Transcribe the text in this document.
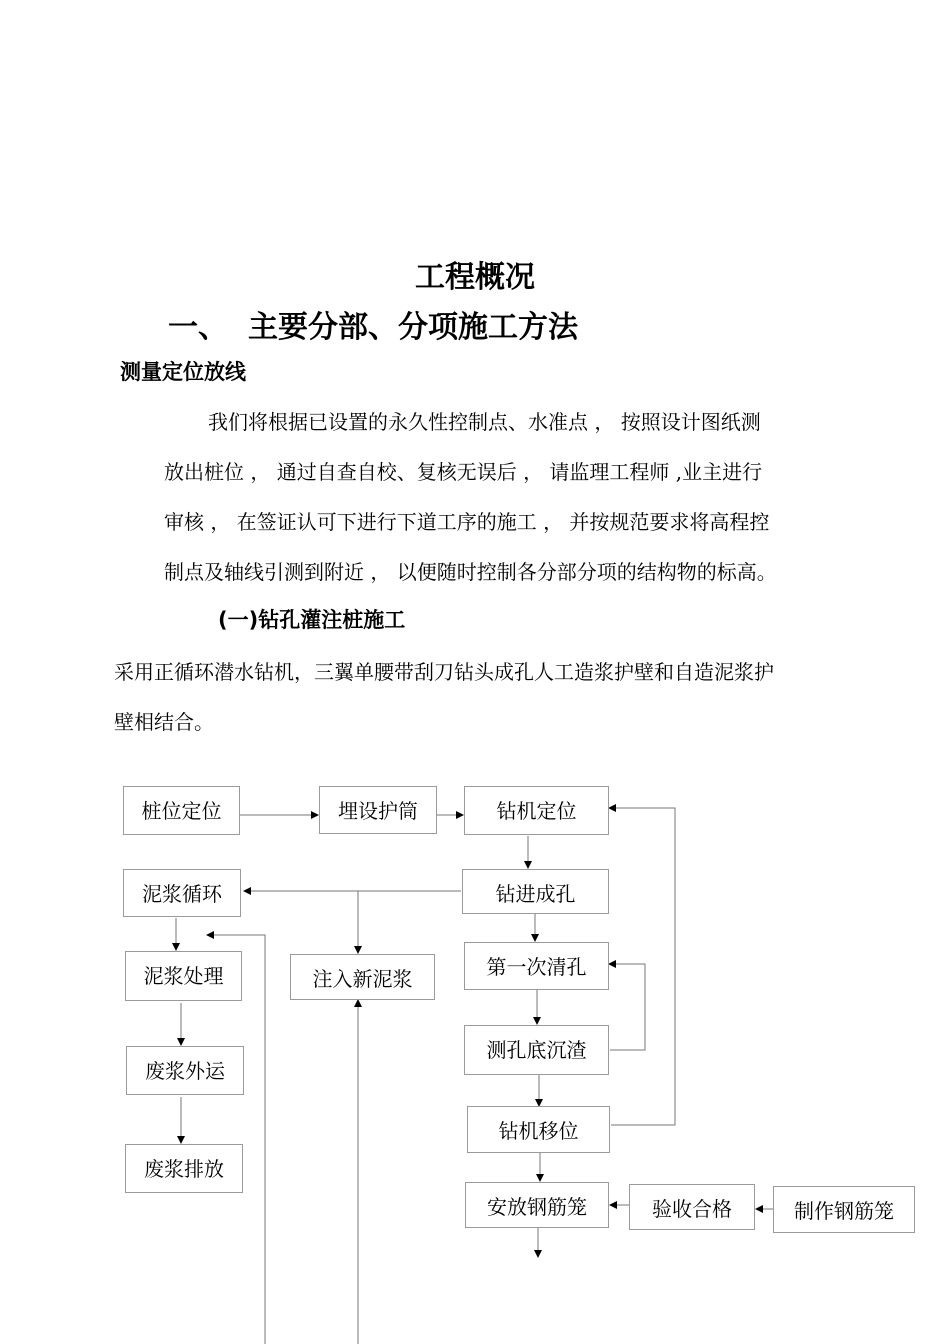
工程概况
一、 主要分部、分项施工方法
测量定位放线
我们将根据已设置的永久性控制点、水准点 ， 按照设计图纸测
放出桩位 ， 通过自查自校、复核无误后 ， 请监理工程师 ,业主进行
审核 ， 在签证认可下进行下道工序的施工 ， 并按规范要求将高程控
制点及轴线引测到附近 ， 以便随时控制各分部分项的结构物的标高。
(一)钻孔灌注桩施工
采用正循环潜水钻机，三翼单腰带刮刀钻头成孔人工造浆护壁和自造泥浆护
壁相结合。
桩位定位	埋设护筒	钻机定位
泥浆循环	钻进成孔
第一次清孔
注入新泥浆
泥浆处理
测孔底沉渣
废浆外运
钻机移位
废浆排放
安放钢筋笼	验收合格	制作钢筋笼
